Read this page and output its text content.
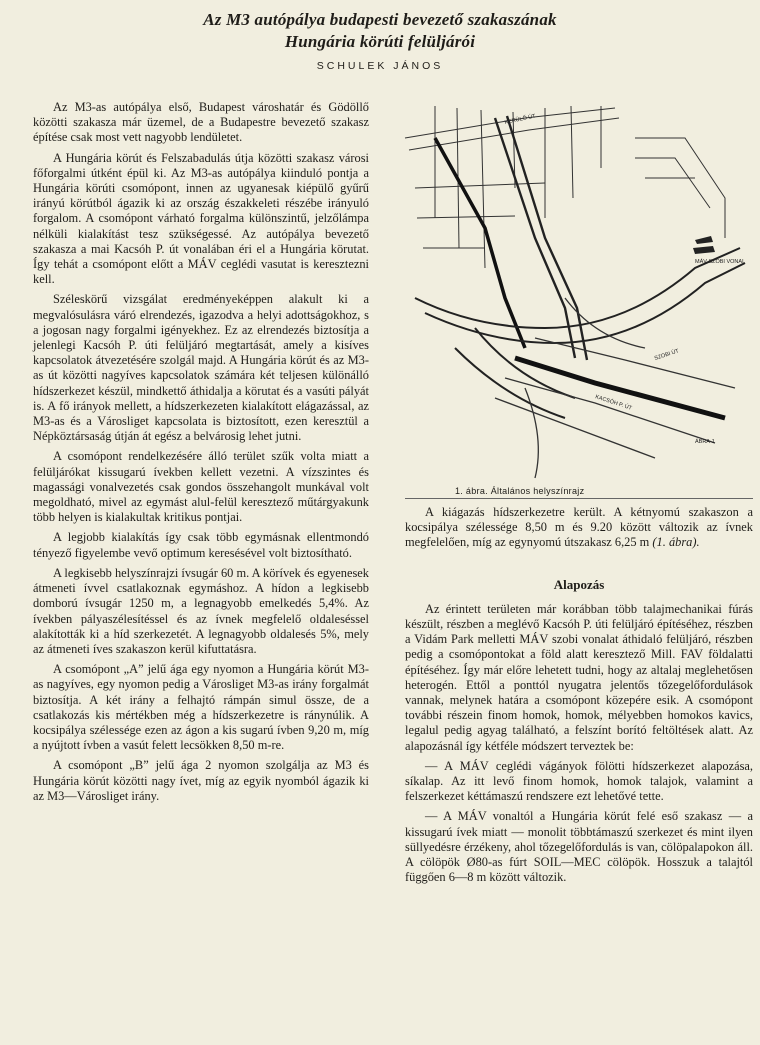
Az M3 autópálya budapesti bevezető szakaszának
Hungária körúti felüljárói
SCHULEK JÁNOS

Az M3-as autópálya első, Budapest városhatár és Gödöllő közötti szakasza már üzemel, de a Budapestre bevezető szakasz építése csak most vett nagyobb lendületet.

A Hungária körút és Felszabadulás útja közötti szakasz városi főforgalmi útként épül ki. Az M3-as autópálya kiinduló pontja a Hungária körúti csomópont, innen az ugyanesak kiépülő gyűrű irányú körútból ágazik ki az ország északkeleti részébe irányuló forgalom. A csomópont várható forgalma különszintű, jelzőlámpa nélküli kialakítást tesz szükségessé. Az autópálya bevezető szakasza a mai Kacsóh P. út vonalában éri el a Hungária körutat. Így tehát a csomópont előtt a MÁV ceglédi vasutat is keresztezni kell.

Széleskörű vizsgálat eredményeképpen alakult ki a megvalósulásra váró elrendezés, igazodva a helyi adottságokhoz, s a jogosan nagy forgalmi igényekhez. Ez az elrendezés biztosítja a jelenlegi Kacsóh P. úti felüljáró megtartását, amely a kisíves kapcsolatok átvezetésére szolgál majd. A Hungária körút és az M3-as út közötti nagyíves kapcsolatok számára két teljesen különálló hídszerkezet készül, mindkettő áthidalja a körutat és a vasúti pályát is. A fő irányok mellett, a hídszerkezeten kialakított elágazással, az M3-as és a Városliget kapcsolata is biztosított, ezen keresztül a Népköztársaság útján át egész a belvárosig lehet jutni.

A csomópont rendelkezésére álló terület szűk volta miatt a felüljárókat kissugarú ívekben kellett vezetni. A vízszintes és magassági vonalvezetés csak gondos összehangolt munkával volt megoldható, mivel az egymást alul-felül keresztező műtárgyakunk több helyen is kialakultak kritikus pontjai.

A legjobb kialakítás így csak több egymásnak ellentmondó tényező figyelembe vevő optimum keresésével volt biztosítható.

A legkisebb helyszínrajzi ívsugár 60 m. A körívek és egyenesek átmeneti ívvel csatlakoznak egymáshoz. A hídon a legkisebb domború ívsugár 1250 m, a legnagyobb emelkedés 5,4%. Az ívekben pályaszélesítéssel és az ívnek megfelelő oldaleséssel alakították ki a híd szerkezetét. A legnagyobb oldalesés 5%, mely az átmeneti íves szakaszon kerül kifuttatásra.

A csomópont „A” jelű ága egy nyomon a Hungária körút M3-as nagyíves, egy nyomon pedig a Városliget M3-as irány forgalmát biztosítja. A két irány a felhajtó rámpán simul össze, de a csatlakozás kis mértékben még a hídszerkezetre is ránynúlik. A kocsipálya szélessége ezen az ágon a kis sugarú ívben 9,20 m, míg a nyújtott ívben a vasút felett lecsökken 8,50 m-re.

A csomópont „B” jelű ága 2 nyomon szolgálja az M3 és Hungária körút közötti nagy ívet, míg az egyik nyomból ágazik ki az M3—Városliget irány.

KERÜLŐ ÚT
MÁV SZOBI VONAL
SZOBI ÚT
KACSÓH P. ÚT
ÁBRA-1
1. ábra. Általános helyszínrajz

A kiágazás hídszerkezetre került. A kétnyomú szakaszon a kocsipálya szélessége 8,50 m és 9.20 között változik az ívnek megfelelően, míg az egynyomú útszakasz 6,25 m (1. ábra).

Alapozás

Az érintett területen már korábban több talajmechanikai fúrás készült, részben a meglévő Kacsóh P. úti felüljáró építéséhez, részben a Vidám Park melletti MÁV szobi vonalat áthidaló felüljáró, részben pedig a csomópontokat a föld alatt keresztező Mill. FAV földalatti építéséhez. Így már előre lehetett tudni, hogy az altalaj meglehetősen heterogén. Ettől a ponttól nyugatra jelentős tőzegelőfordulások vannak, melynek határa a csomópont közepére esik. A csomópont további részein finom homok, homok, mélyebben homokos kavics, legalul pedig agyag található, a felszínt borító feltöltések alatt. Az alapozásnál így kétféle módszert terveztek be:

— A MÁV ceglédi vágányok fölötti hídszerkezet alapozása, síkalap. Az itt levő finom homok, homok talajok, valamint a felszerkezet kéttámaszú rendszere ezt lehetővé tette.

— A MÁV vonaltól a Hungária körút felé eső szakasz — a kissugarú ívek miatt — monolit többtámaszú szerkezet és mint ilyen süllyedésre érzékeny, ahol tőzegelőfordulás is van, cölöpalapokon áll. A cölöpök Ø80-as fúrt SOIL—MEC cölöpök. Hosszuk a talajtól függően 6—8 m között változik.
